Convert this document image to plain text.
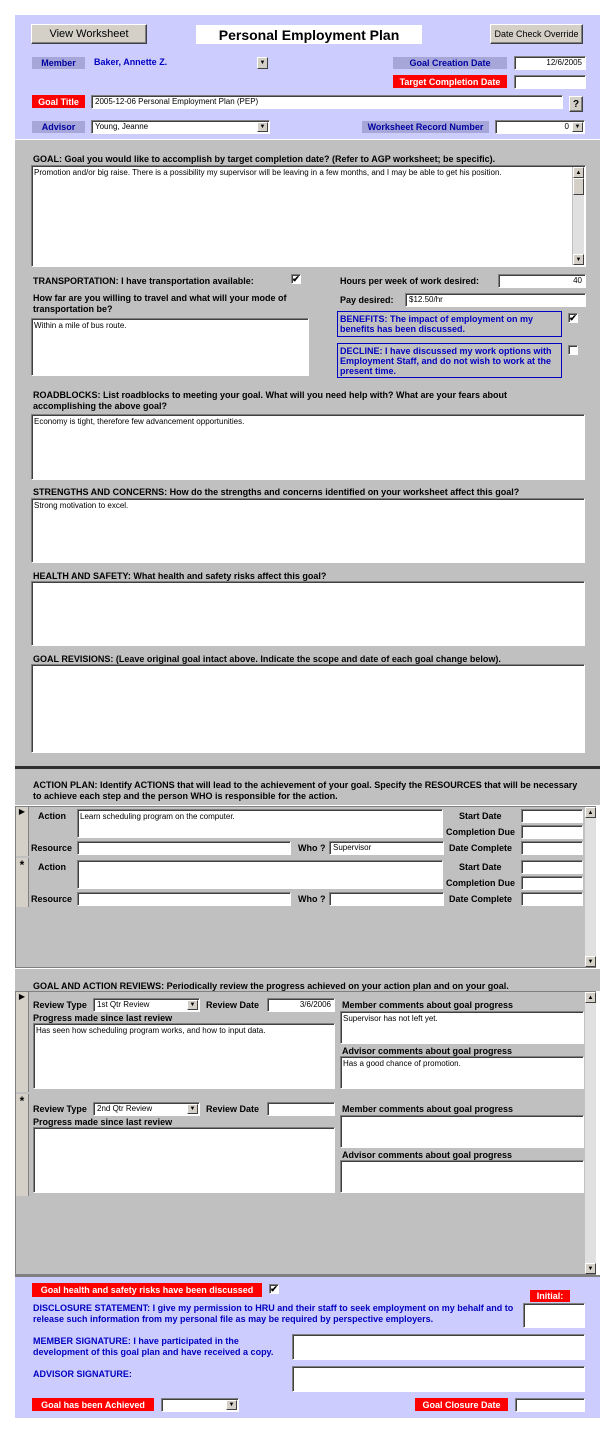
View Worksheet	Personal Employment Plan	Date Check Override
Member	Baker, Annette Z.	▼	Goal Creation Date	12/6/2005
Target Completion Date
Goal Title	2005-12-06 Personal Employment Plan (PEP)	?
Advisor	Young, Jeanne	▼	Worksheet Record Number	0 ▼
GOAL: Goal you would like to accomplish by target completion date? (Refer to AGP worksheet; be specific).
Promotion and/or big raise. There is a possibility my supervisor will be leaving in a few months, and I may be able to get his position.	▲
▼
TRANSPORTATION: I have transportation available:	✔	Hours per week of work desired:	40
How far are you willing to travel and what will your mode of transportation be?
Pay desired:	$12.50/hr
Within a mile of bus route.
BENEFITS: The impact of employment on my benefits has been discussed.
✔
DECLINE: I have discussed my work options with Employment Staff, and do not wish to work at the present time.
ROADBLOCKS: List roadblocks to meeting your goal. What will you need help with? What are your fears about accomplishing the above goal?
Economy is tight, therefore few advancement opportunities.
STRENGTHS AND CONCERNS: How do the strengths and concerns identified on your worksheet affect this goal?
Strong motivation to excel.
HEALTH AND SAFETY: What health and safety risks affect this goal?
GOAL REVISIONS: (Leave original goal intact above. Indicate the scope and date of each goal change below).
ACTION PLAN: Identify ACTIONS that will lead to the achievement of your goal. Specify the RESOURCES that will be necessary to achieve each step and the person WHO is responsible for the action.
▲
▼
▶	Action	Learn scheduling program on the computer.	Start Date
Completion Due
Resource	Who ? Supervisor	Date Complete
*	Action	Start Date
Completion Due
Resource	Who ?	Date Complete
GOAL AND ACTION REVIEWS: Periodically review the progress achieved on your action plan and on your goal.
▲
▼
▶
Review Type	1st Qtr Review	▼ Review Date	3/6/2006
Progress made since last review
Has seen how scheduling program works, and how to input data.
Member comments about goal progress
Supervisor has not left yet.
Advisor comments about goal progress
Has a good chance of promotion.
*
Review Type	2nd Qtr Review	▼ Review Date
Progress made since last review
Member comments about goal progress
Advisor comments about goal progress
Goal health and safety risks have been discussed	✔
Initial:
DISCLOSURE STATEMENT: I give my permission to HRU and their staff to seek employment on my behalf and to release such information from my personal file as may be required by perspective employers.
MEMBER SIGNATURE: I have participated in the development of this goal plan and have received a copy.
ADVISOR SIGNATURE:
Goal has been Achieved	▼	Goal Closure Date
